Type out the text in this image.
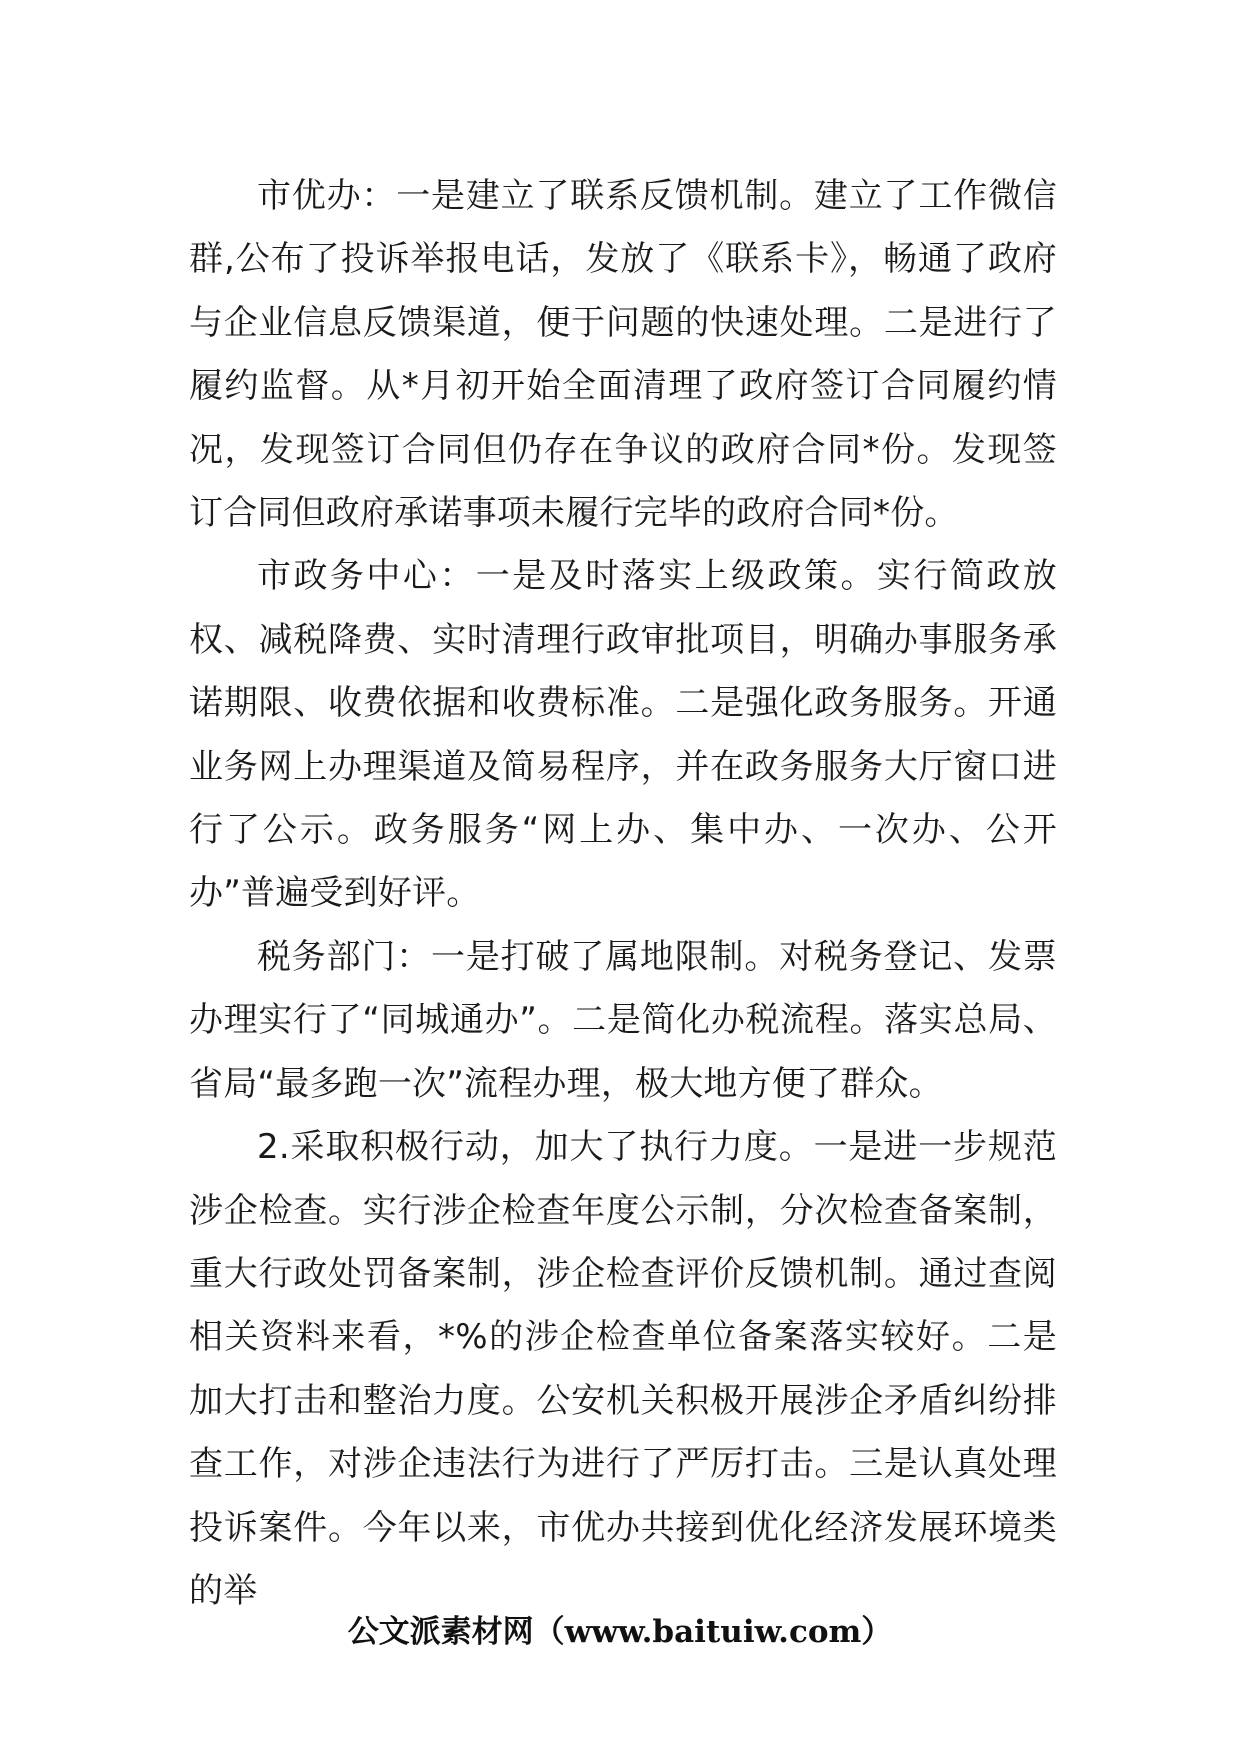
市优办：一是建立了联系反馈机制。建立了工作微信群,公布了投诉举报电话，发放了《联系卡》，畅通了政府与企业信息反馈渠道，便于问题的快速处理。二是进行了履约监督。从*月初开始全面清理了政府签订合同履约情况，发现签订合同但仍存在争议的政府合同*份。发现签订合同但政府承诺事项未履行完毕的政府合同*份。

市政务中心：一是及时落实上级政策。实行简政放权、减税降费、实时清理行政审批项目，明确办事服务承诺期限、收费依据和收费标准。二是强化政务服务。开通业务网上办理渠道及简易程序，并在政务服务大厅窗口进行了公示。政务服务“网上办、集中办、一次办、公开办”普遍受到好评。

税务部门：一是打破了属地限制。对税务登记、发票办理实行了“同城通办”。二是简化办税流程。落实总局、省局“最多跑一次”流程办理，极大地方便了群众。

2.采取积极行动，加大了执行力度。一是进一步规范涉企检查。实行涉企检查年度公示制，分次检查备案制，重大行政处罚备案制，涉企检查评价反馈机制。通过查阅相关资料来看，*%的涉企检查单位备案落实较好。二是加大打击和整治力度。公安机关积极开展涉企矛盾纠纷排查工作，对涉企违法行为进行了严厉打击。三是认真处理投诉案件。今年以来，市优办共接到优化经济发展环境类的举

公文派素材网（www.baituiw.com）
